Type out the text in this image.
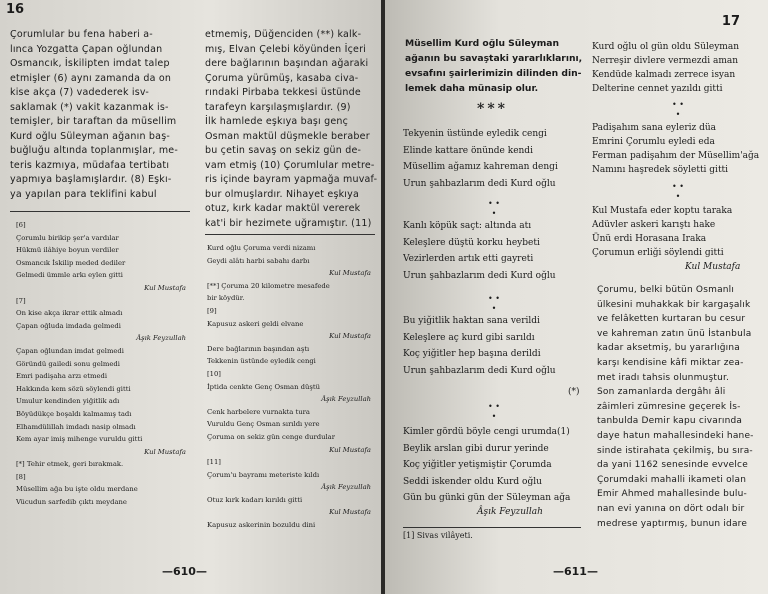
16
Çorumlular bu fena haberi a-
lınca Yozgatta Çapan oğlundan
Osmancık, İskilipten imdat talep
etmişler (6) aynı zamanda da on
kise akça (7) vadederek isv-
saklamak (*) vakit kazanmak is-
temişler, bir taraftan da müsellim
Kurd oğlu Süleyman ağanın baş-
buğluğu altında toplanmışlar, me-
teris kazmıya, müdafaa tertibatı
yapmıya başlamışlardır. (8) Eşkı-
ya yapılan para teklifini kabul
etmemiş, Düğenciden (**) kalk-
mış, Elvan Çelebi köyünden İçeri
dere bağlarının başından ağaraki
Çoruma yürümüş, kasaba civa-
rındaki Pirbaba tekkesi üstünde
tarafeyn karşılaşmışlardır. (9)
İlk hamlede eşkıya başı genç
Osman maktül düşmekle beraber
bu çetin savaş on sekiz gün de-
vam etmiş (10) Çorumlular metre-
ris içinde bayram yapmağa muvaf-
bur olmuşlardır. Nihayet eşkıya
otuz, kırk kadar maktül vererek
kat'i bir hezimete uğramıştır. (11)
[6]
Çorumlu birikip şer'a vardılar
Hükmü ilâhiye boyun verdiler
Osmancık İskilip meded dediler
Gelmedi ümmle arkı eylen gitti
Kul Mustafa
[7]
On kise akça ikrar ettik almadı
Çapan oğluda imdada gelmedi
Âşık Feyzullah
Çapan oğlundan imdat gelmedi
Göründü gailedi sonu gelmedi
Emri padişaha arzı etmedi
Hakkında kem sözü söylendi gitti
Umulur kendinden yiğitlik adı
Böyüdükçe boşaldı kalmamış tadı
Elhamdülillah imdadı nasip olmadı
Kem ayar imiş mihenge vuruldu gitti
Kul Mustafa
[*] Tehir etmek, geri bırakmak.
[8]
Müsellim ağa bu işte oldu merdane
Vücudun sarfedib çıktı meydane
Kurd oğlu Çoruma verdi nizamı
Geydi alâtı harbi sabahı darbı
Kul Mustafa
[**] Çoruma 20 kilometre mesafede
bir köydür.
[9]
Kapusuz askeri geldi elvane
Kul Mustafa
Dere bağlarının başından aştı
Tekkenin üstünde eyledik cengi
[10]
İptida cenkte Genç Osman düştü
Âşık Feyzullah
Cenk harbelere vurnakta tura
Vuruldu Genç Osman sırıldı yere
Çoruma on sekiz gün cenge durdular
Kul Mustafa
[11]
Çorum'u bayramı meteriste kıldı
Âşık Feyzullah
Otuz kırk kadarı kırıldı gitti
Kul Mustafa
Kapusuz askerinin bozuldu dini
—610—
17
Müsellim Kurd oğlu Süleyman
ağanın bu savaştaki yararlıklarını,
evsafını şairlerimizin dilinden din-
lemek daha münasip olur.
***
Tekyenin üstünde eyledik cengi
Elinde kattare önünde kendi
Müsellim ağamız kahreman dengi
Urun şahbazlarım dedi Kurd oğlu
• •
•
Kanlı köpük saçt: altında atı
Keleşlere düştü korku heybeti
Vezirlerden artık etti gayreti
Urun şahbazlarım dedi Kurd oğlu
• •
•
Bu yiğitlik haktan sana verildi
Keleşlere aç kurd gibi sarıldı
Koç yiğitler hep başına derildi
Urun şahbazlarım dedi Kurd oğlu
(*)
• •
•
Kimler gördü böyle cengi urumda(1)
Beylik arslan gibi durur yerinde
Koç yiğitler yetişmiştir Çorumda
Seddi iskender oldu Kurd oğlu
Gün bu günki gün der Süleyman ağa
Âşık Feyzullah
[1] Sivas vilâyeti.
Kurd oğlu ol gün oldu Süleyman
Nerreşir divlere vermezdi aman
Kendüde kalmadı zerrece isyan
Delterine cennet yazıldı gitti
• •
•
Padişahım sana eyleriz düa
Emrini Çorumlu eyledi eda
Ferman padişahım der Müsellim'ağa
Namını haşredek söyletti gitti
• •
•
Kul Mustafa eder koptu taraka
Adüvler askeri karıştı hake
Ünü erdi Horasana Iraka
Çorumun erliği söylendi gitti
Kul Mustafa
Çorumu, belki bütün Osmanlı
ülkesini muhakkak bir kargaşalık
ve felâketten kurtaran bu cesur
ve kahreman zatın ünü İstanbula
kadar aksetmiş, bu yararlığına
karşı kendisine kâfi miktar zea-
met iradı tahsis olunmuştur.
Son zamanlarda dergâhı âli
zâimleri zümresine geçerek İs-
tanbulda Demir kapu civarında
daye hatun mahallesindeki hane-
sinde istirahata çekilmiş, bu sıra-
da yani 1162 senesinde evvelce
Çorumdaki mahalli ikameti olan
Emir Ahmed mahallesinde bulu-
nan evi yanına on dört odalı bir
medrese yaptırmış, bunun idare
—611—
